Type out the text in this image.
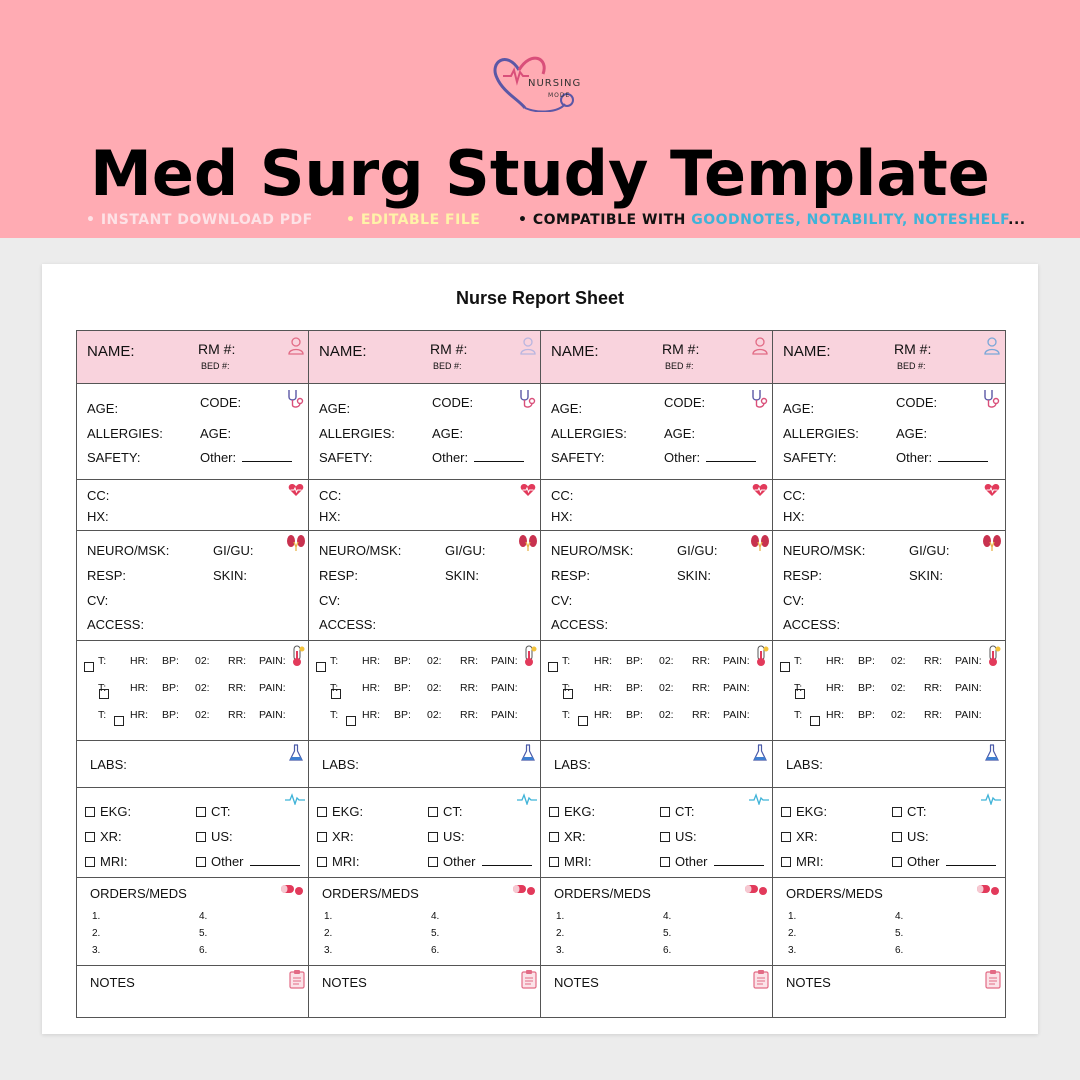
NURSING
MODE
Med Surg Study Template
• INSTANT DOWNLOAD PDF • EDITABLE FILE	• COMPATIBLE WITH GOODNOTES, NOTABILITY, NOTESHELF...
Nurse Report Sheet
NAME:	RM #:
BED #:
AGE:	CODE:
ALLERGIES:	AGE:
SAFETY:	Other:
CC:
HX:
NEURO/MSK:	GI/GU:
RESP:	SKIN:
CV:
ACCESS:
T: HR: BP: 02: RR: PAIN:
T: HR: BP: 02: RR: PAIN:
T: HR: BP: 02: RR: PAIN:
LABS:
EKG:	CT:
XR:	US:
MRI:	Other
ORDERS/MEDS
1.
2.
3.
4.
5.
6.
NOTES
NAME:	RM #:
BED #:
AGE:	CODE:
ALLERGIES:	AGE:
SAFETY:	Other:
CC:
HX:
NEURO/MSK:	GI/GU:
RESP:	SKIN:
CV:
ACCESS:
T: HR: BP: 02: RR: PAIN:
T: HR: BP: 02: RR: PAIN:
T: HR: BP: 02: RR: PAIN:
LABS:
EKG:	CT:
XR:	US:
MRI:	Other
ORDERS/MEDS
1.
2.
3.
4.
5.
6.
NOTES
NAME:	RM #:
BED #:
AGE:	CODE:
ALLERGIES:	AGE:
SAFETY:	Other:
CC:
HX:
NEURO/MSK:	GI/GU:
RESP:	SKIN:
CV:
ACCESS:
T: HR: BP: 02: RR: PAIN:
T: HR: BP: 02: RR: PAIN:
T: HR: BP: 02: RR: PAIN:
LABS:
EKG:	CT:
XR:	US:
MRI:	Other
ORDERS/MEDS
1.
2.
3.
4.
5.
6.
NOTES
NAME:	RM #:
BED #:
AGE:	CODE:
ALLERGIES:	AGE:
SAFETY:	Other:
CC:
HX:
NEURO/MSK:	GI/GU:
RESP:	SKIN:
CV:
ACCESS:
T: HR: BP: 02: RR: PAIN:
T: HR: BP: 02: RR: PAIN:
T: HR: BP: 02: RR: PAIN:
LABS:
EKG:	CT:
XR:	US:
MRI:	Other
ORDERS/MEDS
1.
2.
3.
4.
5.
6.
NOTES
